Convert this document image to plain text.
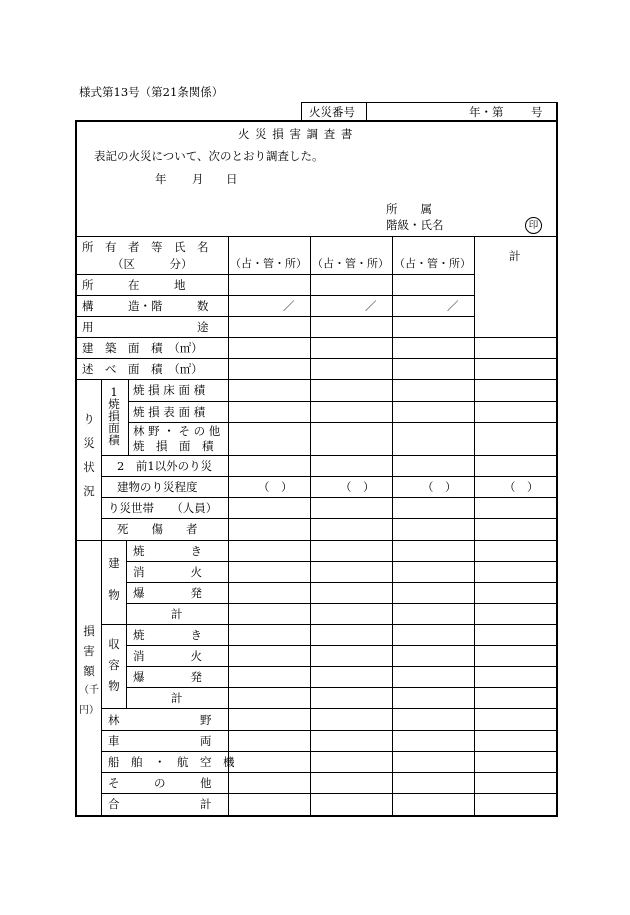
様式第13号（第21条関係）
火災番号	年・第 号
火 災 損 害 調 査 書
表記の火災について、次のとおり調査した。
年 月 日
所　　属
階級・氏名	印
所　有　者　等　氏　名
（区　　　分）	（占・管・所） （占・管・所） （占・管・所）
計
所　　　在　　　地
構　　　造・階　　　数	／	／	／
用　　　　　　　　　途
建　築　面　積　（㎡）
述　べ　面　積　（㎡）
り
災
状
況
1
焼
損
面
積
焼 損 床 面 積
焼 損 表 面 積
林 野 ・ そ の 他
焼　損　面　積
2　前1以外のり災
建物のり災程度	（　）	（　）	（　）	（　）
り災世帯　　（人員）
死　　傷　　者
損
害
額
（千
円）
建
物
焼　　　　き
消　　　　火
爆　　　　発
計
収
容
物
焼　　　　き
消　　　　火
爆　　　　発
計
林　　　　　　　野
車　　　　　　　両
船　舶　・　航　空　機
そ　　　の　　　他
合　　　　　　　計
